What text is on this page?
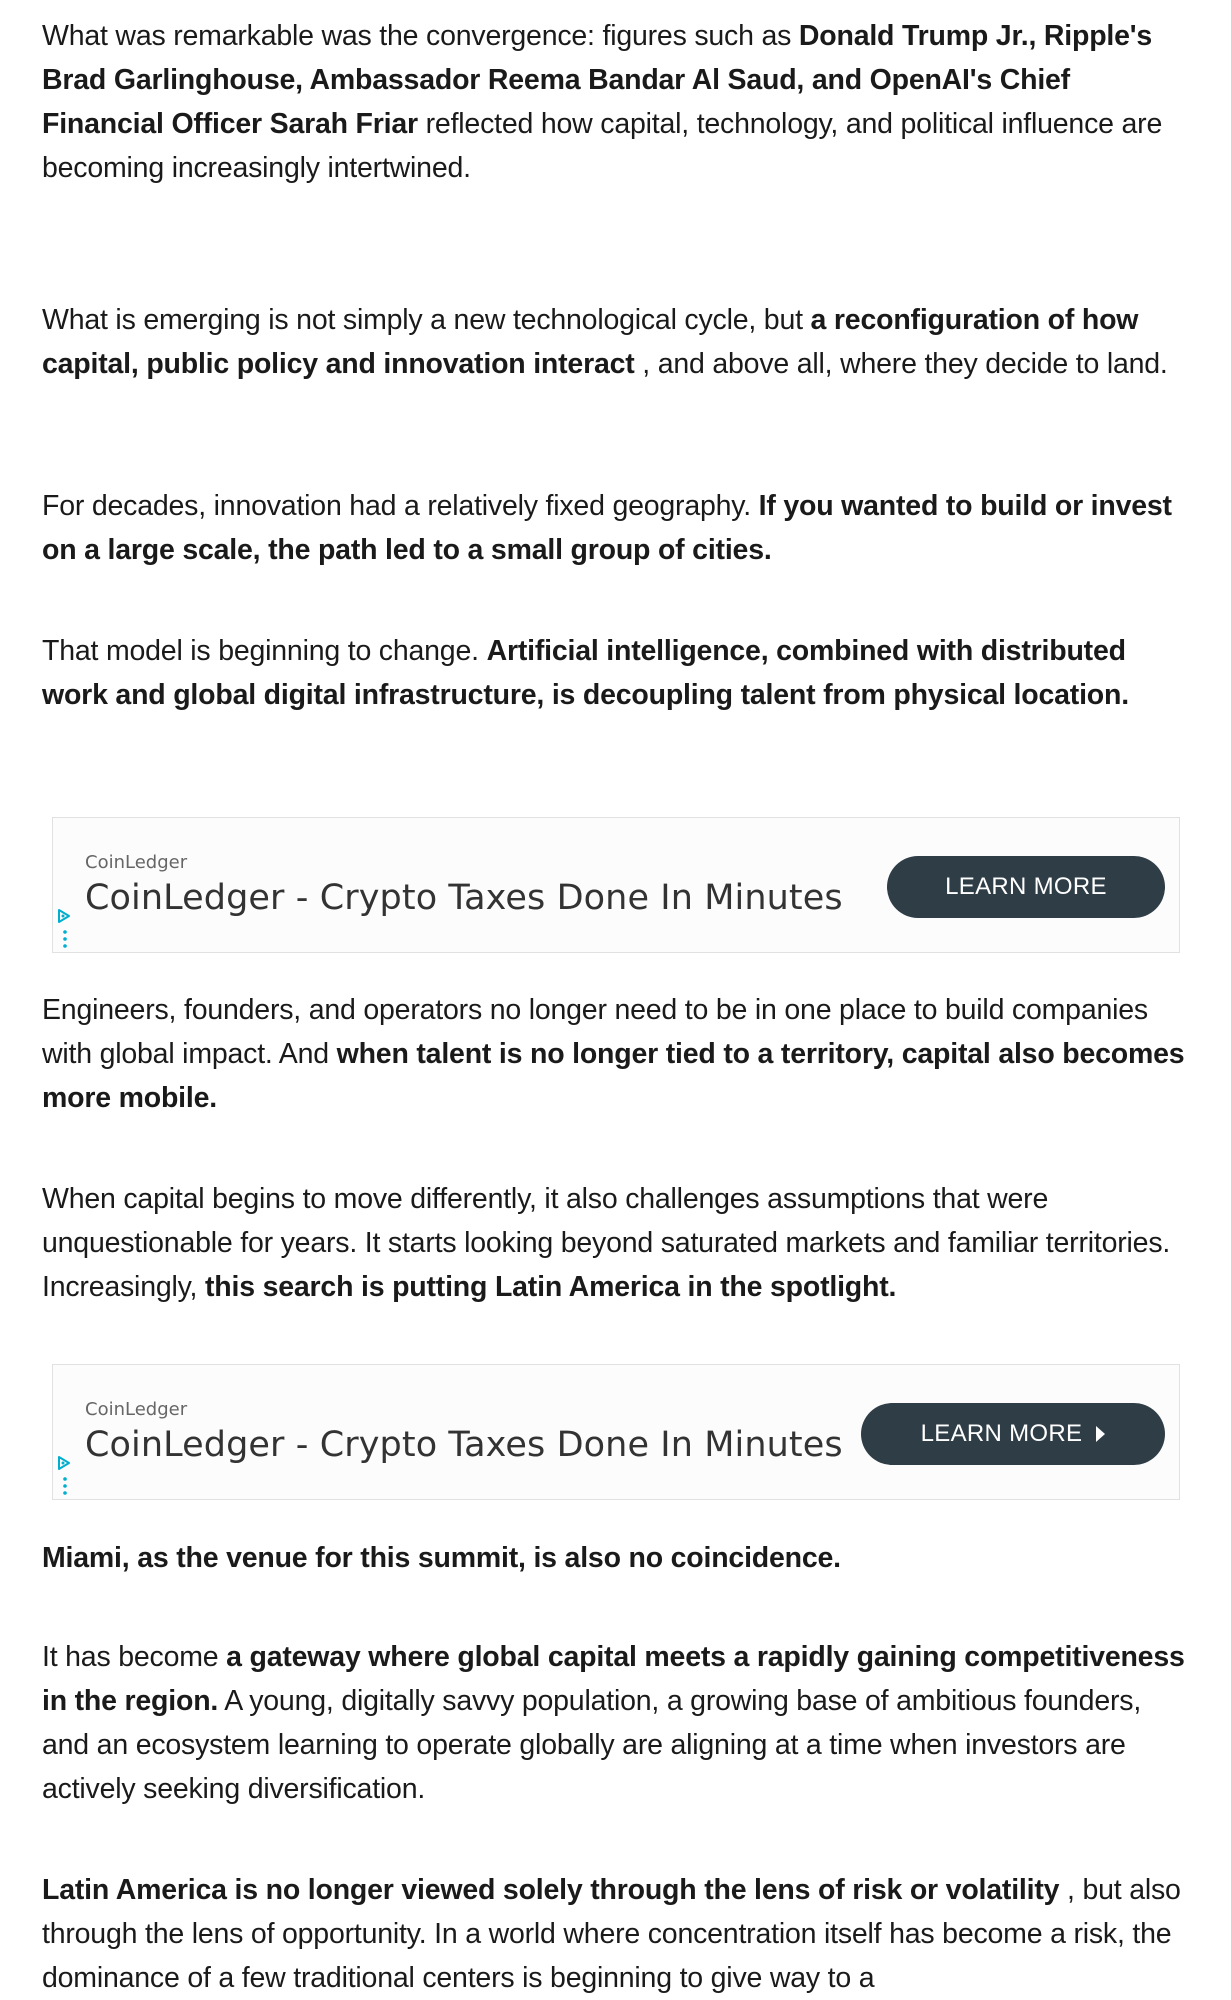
What was remarkable was the convergence: figures such as Donald Trump Jr., Ripple's Brad Garlinghouse, Ambassador Reema Bandar Al Saud, and OpenAI's Chief Financial Officer Sarah Friar reflected how capital, technology, and political influence are becoming increasingly intertwined.

What is emerging is not simply a new technological cycle, but a reconfiguration of how capital, public policy and innovation interact , and above all, where they decide to land.

For decades, innovation had a relatively fixed geography. If you wanted to build or invest on a large scale, the path led to a small group of cities.

That model is beginning to change. Artificial intelligence, combined with distributed work and global digital infrastructure, is decoupling talent from physical location.

CoinLedger
CoinLedger - Crypto Taxes Done In Minutes	LEARN MORE

Engineers, founders, and operators no longer need to be in one place to build companies with global impact. And when talent is no longer tied to a territory, capital also becomes more mobile.

When capital begins to move differently, it also challenges assumptions that were unquestionable for years. It starts looking beyond saturated markets and familiar territories. Increasingly, this search is putting Latin America in the spotlight.

CoinLedger
CoinLedger - Crypto Taxes Done In Minutes	LEARN MORE

Miami, as the venue for this summit, is also no coincidence.

It has become a gateway where global capital meets a rapidly gaining competitiveness in the region. A young, digitally savvy population, a growing base of ambitious founders, and an ecosystem learning to operate globally are aligning at a time when investors are actively seeking diversification.

Latin America is no longer viewed solely through the lens of risk or volatility , but also through the lens of opportunity. In a world where concentration itself has become a risk, the dominance of a few traditional centers is beginning to give way to a
